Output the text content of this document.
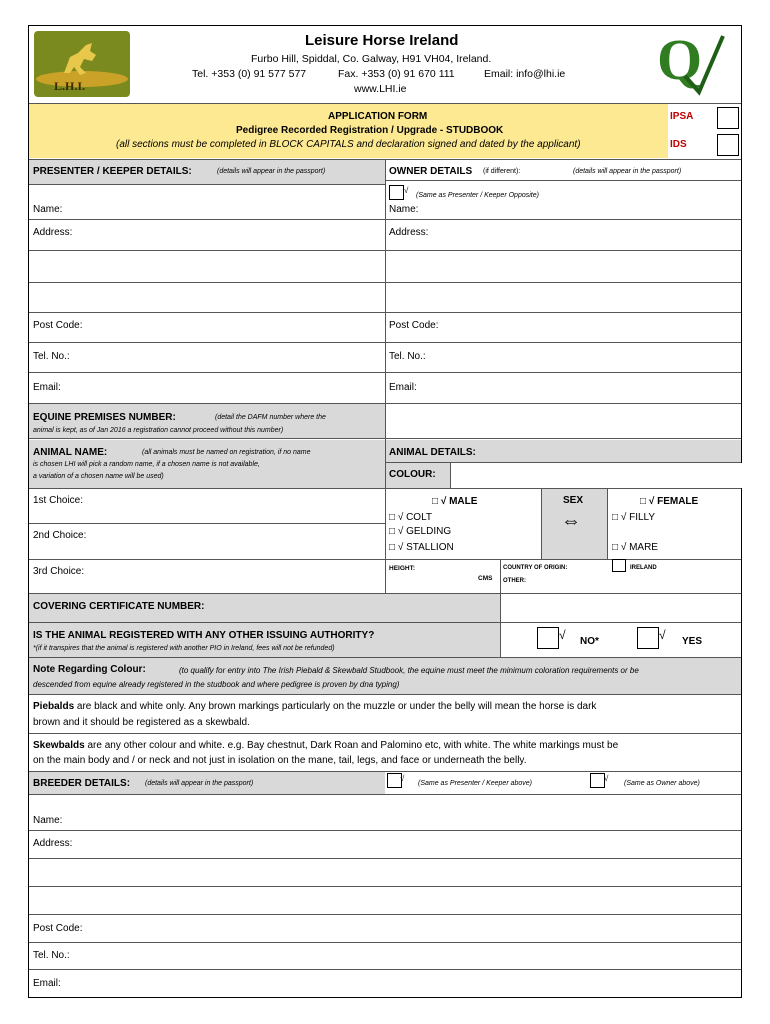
L.H.I.
Leisure Horse Ireland
Furbo Hill, Spiddal, Co. Galway, H91 VH04, Ireland.
Tel. +353 (0) 91 577 577	Fax. +353 (0) 91 670 111	Email: info@lhi.ie
www.LHI.ie	Q
APPLICATION FORM
Pedigree Recorded Registration / Upgrade - STUDBOOK
(all sections must be completed in BLOCK CAPITALS and declaration signed and dated by the applicant)
IPSA
IDS
PRESENTER / KEEPER DETAILS:	(details will appear in the passport)	OWNER DETAILS (if different):	(details will appear in the passport)
√
(Same as Presenter / Keeper Opposite)
Name:	Name:
Address:	Address:
Post Code:	Post Code:
Tel. No.:	Tel. No.:
Email:	Email:
EQUINE PREMISES NUMBER:	(detail the DAFM number where the
animal is kept, as of Jan 2016 a registration cannot proceed without this number)
ANIMAL NAME:	(all animals must be named on registration, if no name
is chosen LHI will pick a random name, if a chosen name is not available,
a variation of a chosen name will be used)
ANIMAL DETAILS:
COLOUR:
1st Choice:
2nd Choice:
3rd Choice:
SEX
⇔
□ √ MALE
□ √ COLT
□ √ GELDING
□ √ STALLION
□ √ FEMALE
□ √ FILLY
□ √ MARE
HEIGHT:
CMS
COUNTRY OF ORIGIN:	IRELAND
OTHER:
COVERING CERTIFICATE NUMBER:
IS THE ANIMAL REGISTERED WITH ANY OTHER ISSUING AUTHORITY?
*(if it transpires that the animal is registered with another PIO in Ireland, fees will not be refunded)
√ NO*	√ YES
Note Regarding Colour:	(to qualify for entry into The Irish Piebald & Skewbald Studbook, the equine must meet the minimum coloration requirements or be
descended from equine already registered in the studbook and where pedigree is proven by dna typing)
Piebalds are black and white only. Any brown markings particularly on the muzzle or under the belly will mean the horse is dark
brown and it should be registered as a skewbald.
Skewbalds are any other colour and white. e.g. Bay chestnut, Dark Roan and Palomino etc, with white. The white markings must be
on the main body and / or neck and not just in isolation on the mane, tail, legs, and face or underneath the belly.
BREEDER DETAILS: (details will appear in the passport)
√
(Same as Presenter / Keeper above)
√
(Same as Owner above)
Name:
Address:
Post Code:
Tel. No.:
Email:
